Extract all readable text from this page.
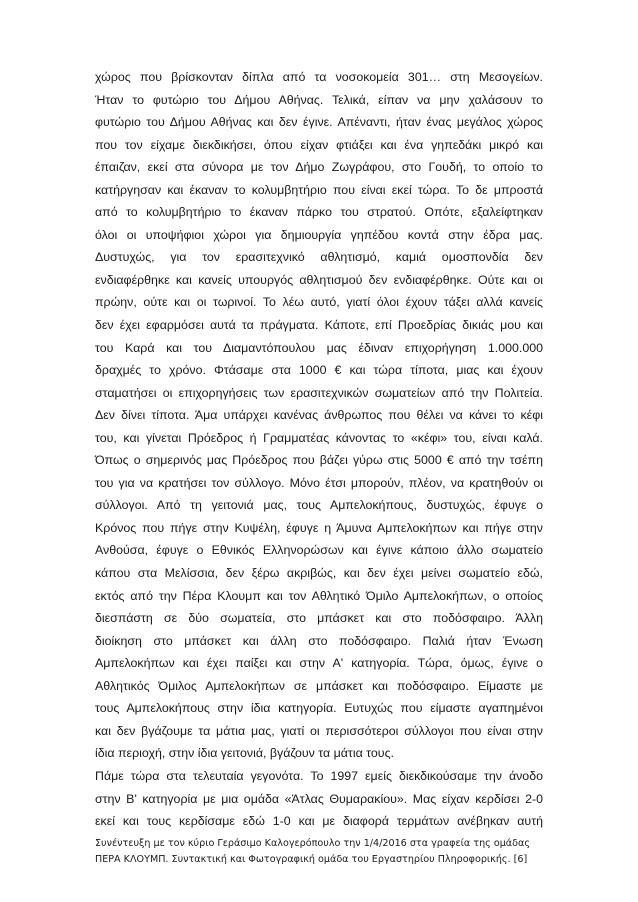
χώρος που βρίσκονταν δίπλα από τα νοσοκομεία 301… στη Μεσογείων.
Ήταν το φυτώριο του Δήμου Αθήνας. Τελικά, είπαν να μην χαλάσουν το
φυτώριο του Δήμου Αθήνας και δεν έγινε. Απέναντι, ήταν ένας μεγάλος χώρος
που τον είχαμε διεκδικήσει, όπου είχαν φτιάξει και ένα γηπεδάκι μικρό και
έπαιζαν, εκεί στα σύνορα με τον Δήμο Ζωγράφου, στο Γουδή, το οποίο το
κατήργησαν και έκαναν το κολυμβητήριο που είναι εκεί τώρα. Το δε μπροστά
από το κολυμβητήριο το έκαναν πάρκο του στρατού. Οπότε, εξαλείφτηκαν
όλοι οι υποψήφιοι χώροι για δημιουργία γηπέδου κοντά στην έδρα μας.
Δυστυχώς, για τον ερασιτεχνικό αθλητισμό, καμιά ομοσπονδία δεν
ενδιαφέρθηκε και κανείς υπουργός αθλητισμού δεν ενδιαφέρθηκε. Ούτε και οι
πρώην, ούτε και οι τωρινοί. Το λέω αυτό, γιατί όλοι έχουν τάξει αλλά κανείς
δεν έχει εφαρμόσει αυτά τα πράγματα. Κάποτε, επί Προεδρίας δικιάς μου και
του Καρά και του Διαμαντόπουλου μας έδιναν επιχορήγηση 1.000.000
δραχμές το χρόνο. Φτάσαμε στα 1000 € και τώρα τίποτα, μιας και έχουν
σταματήσει οι επιχορηγήσεις των ερασιτεχνικών σωματείων από την Πολιτεία.
Δεν δίνει τίποτα. Άμα υπάρχει κανένας άνθρωπος που θέλει να κάνει το κέφι
του, και γίνεται Πρόεδρος ή Γραμματέας κάνοντας το «κέφι» του, είναι καλά.
Όπως ο σημερινός μας Πρόεδρος που βάζει γύρω στις 5000 € από την τσέπη
του για να κρατήσει τον σύλλογο. Μόνο έτσι μπορούν, πλέον, να κρατηθούν οι
σύλλογοι. Από τη γειτονιά μας, τους Αμπελοκήπους, δυστυχώς, έφυγε ο
Κρόνος που πήγε στην Κυψέλη, έφυγε η Άμυνα Αμπελοκήπων και πήγε στην
Ανθούσα, έφυγε ο Εθνικός Ελληνορώσων και έγινε κάποιο άλλο σωματείο
κάπου στα Μελίσσια, δεν ξέρω ακριβώς, και δεν έχει μείνει σωματείο εδώ,
εκτός από την Πέρα Κλουμπ και τον Αθλητικό Όμιλο Αμπελοκήπων, ο οποίος
διεσπάστη σε δύο σωματεία, στο μπάσκετ και στο ποδόσφαιρο. Άλλη
διοίκηση στο μπάσκετ και άλλη στο ποδόσφαιρο. Παλιά ήταν Ένωση
Αμπελοκήπων και έχει παίξει και στην Α' κατηγορία. Τώρα, όμως, έγινε ο
Αθλητικός Όμιλος Αμπελοκήπων σε μπάσκετ και ποδόσφαιρο. Είμαστε με
τους Αμπελοκήπους στην ίδια κατηγορία. Ευτυχώς που είμαστε αγαπημένοι
και δεν βγάζουμε τα μάτια μας, γιατί οι περισσότεροι σύλλογοι που είναι στην
ίδια περιοχή, στην ίδια γειτονιά, βγάζουν τα μάτια τους.
Πάμε τώρα στα τελευταία γεγονότα. Το 1997 εμείς διεκδικούσαμε την άνοδο
στην Β' κατηγορία με μια ομάδα «Άτλας Θυμαρακίου». Μας είχαν κερδίσει 2-0
εκεί και τους κερδίσαμε εδώ 1-0 και με διαφορά τερμάτων ανέβηκαν αυτή
Συνέντευξη με τον κύριο Γεράσιμο Καλογερόπουλο την 1/4/2016 στα γραφεία της ομάδας
ΠΕΡΑ ΚΛΟΥΜΠ. Συντακτική και Φωτογραφική ομάδα του Εργαστηρίου Πληροφορικής. [6]
